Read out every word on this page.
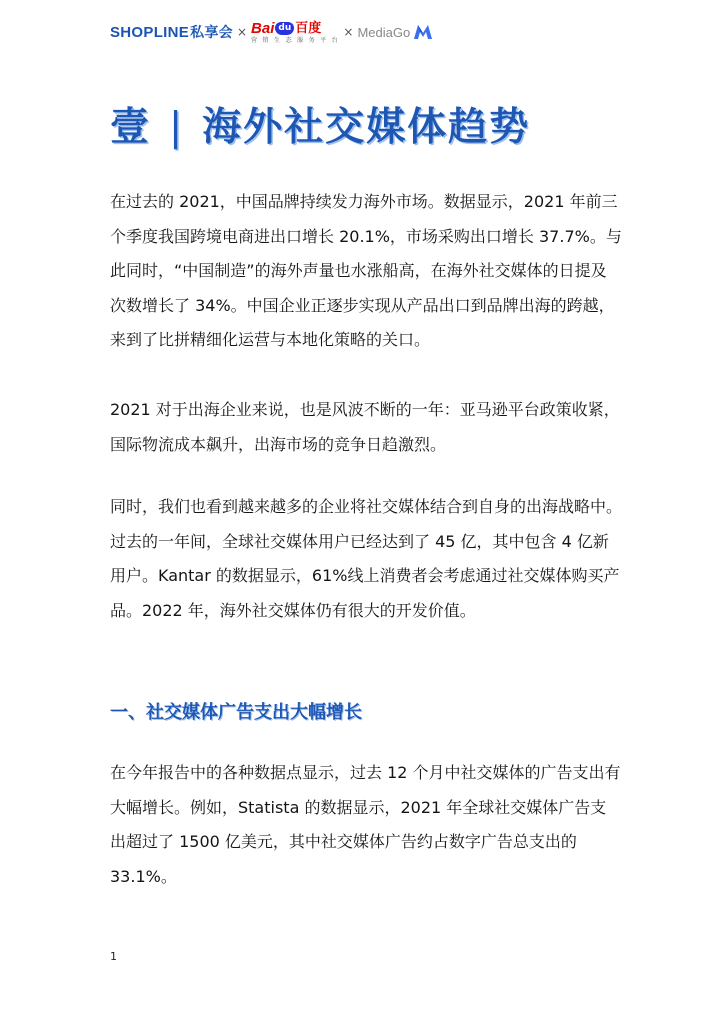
SHOPLINE私享会 × Bai du 百度
营 销 生 态 服 务 平 台
× MediaGo
壹 | 海外社交媒体趋势

在过去的 2021，中国品牌持续发力海外市场。数据显示，2021 年前三个季度我国跨境电商进出口增长 20.1%，市场采购出口增长 37.7%。与此同时，“中国制造”的海外声量也水涨船高，在海外社交媒体的日提及次数增长了 34%。中国企业正逐步实现从产品出口到品牌出海的跨越，来到了比拼精细化运营与本地化策略的关口。

2021 对于出海企业来说，也是风波不断的一年：亚马逊平台政策收紧，国际物流成本飙升，出海市场的竞争日趋激烈。

同时，我们也看到越来越多的企业将社交媒体结合到自身的出海战略中。过去的一年间，全球社交媒体用户已经达到了 45 亿，其中包含 4 亿新用户。Kantar 的数据显示，61%线上消费者会考虑通过社交媒体购买产品。2022 年，海外社交媒体仍有很大的开发价值。

一、社交媒体广告支出大幅增长

在今年报告中的各种数据点显示，过去 12 个月中社交媒体的广告支出有大幅增长。例如，Statista 的数据显示，2021 年全球社交媒体广告支出超过了 1500 亿美元，其中社交媒体广告约占数字广告总支出的 33.1%。

1
